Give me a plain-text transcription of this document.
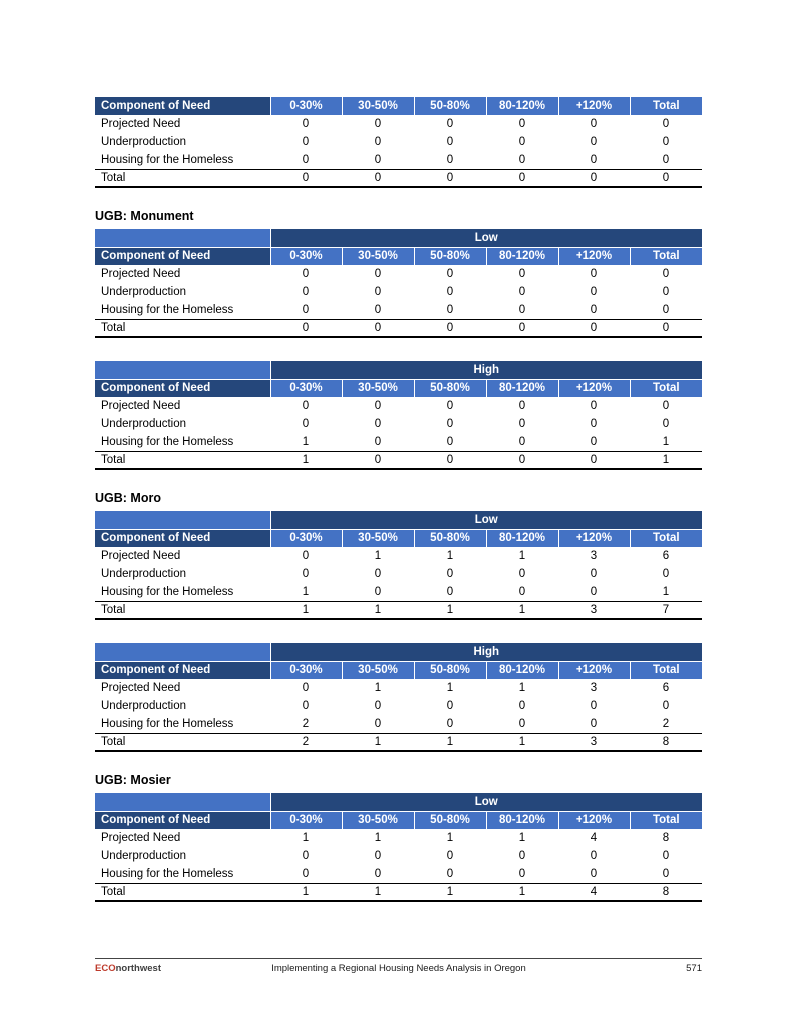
Component of Need	0-30%	30-50%	50-80%	80-120%	+120%	Total
Projected Need	0	0	0	0	0	0
Underproduction	0	0	0	0	0	0
Housing for the Homeless	0	0	0	0	0	0
Total	0	0	0	0	0	0
UGB: Monument
	Low					
Component of Need	0-30%	30-50%	50-80%	80-120%	+120%	Total
Projected Need	0	0	0	0	0	0
Underproduction	0	0	0	0	0	0
Housing for the Homeless	0	0	0	0	0	0
Total	0	0	0	0	0	0
	High					
Component of Need	0-30%	30-50%	50-80%	80-120%	+120%	Total
Projected Need	0	0	0	0	0	0
Underproduction	0	0	0	0	0	0
Housing for the Homeless	1	0	0	0	0	1
Total	1	0	0	0	0	1
UGB: Moro
	Low					
Component of Need	0-30%	30-50%	50-80%	80-120%	+120%	Total
Projected Need	0	1	1	1	3	6
Underproduction	0	0	0	0	0	0
Housing for the Homeless	1	0	0	0	0	1
Total	1	1	1	1	3	7
	High					
Component of Need	0-30%	30-50%	50-80%	80-120%	+120%	Total
Projected Need	0	1	1	1	3	6
Underproduction	0	0	0	0	0	0
Housing for the Homeless	2	0	0	0	0	2
Total	2	1	1	1	3	8
UGB: Mosier
	Low					
Component of Need	0-30%	30-50%	50-80%	80-120%	+120%	Total
Projected Need	1	1	1	1	4	8
Underproduction	0	0	0	0	0	0
Housing for the Homeless	0	0	0	0	0	0
Total	1	1	1	1	4	8
ECOnorthwest	Implementing a Regional Housing Needs Analysis in Oregon	571
